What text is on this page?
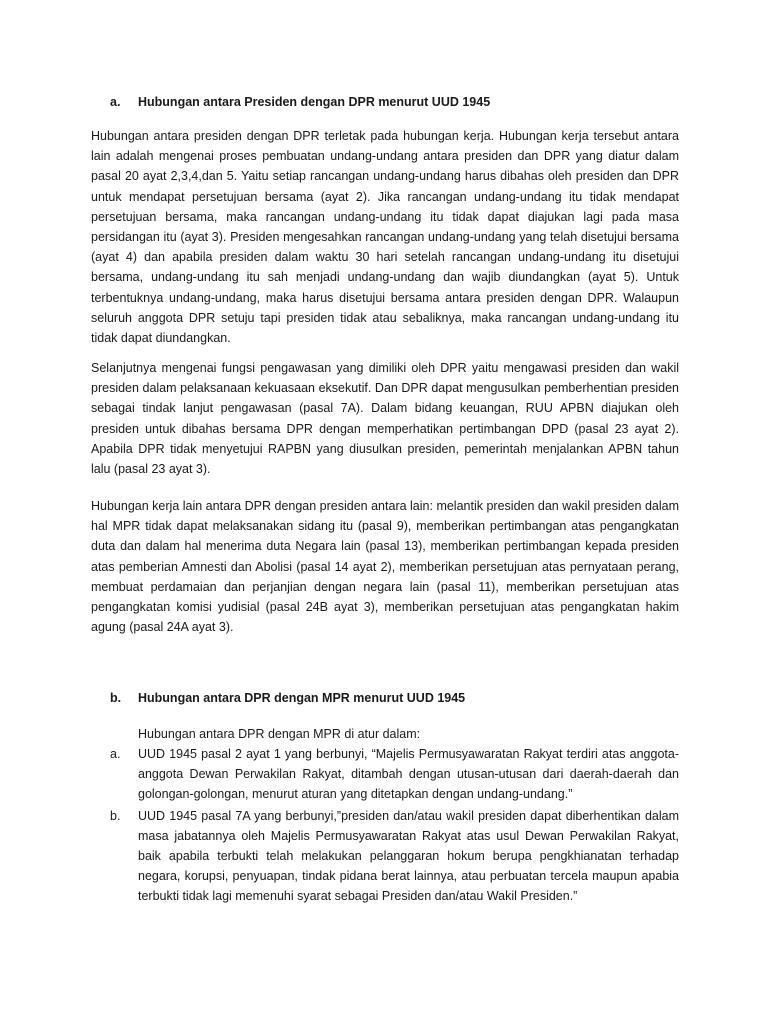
a. Hubungan antara Presiden dengan DPR menurut UUD 1945
Hubungan antara presiden dengan DPR terletak pada hubungan kerja. Hubungan kerja tersebut antara lain adalah mengenai proses pembuatan undang-undang antara presiden dan DPR yang diatur dalam pasal 20 ayat 2,3,4,dan 5. Yaitu setiap rancangan undang-undang harus dibahas oleh presiden dan DPR untuk mendapat persetujuan bersama (ayat 2). Jika rancangan undang-undang itu tidak mendapat persetujuan bersama, maka rancangan undang-undang itu tidak dapat diajukan lagi pada masa persidangan itu (ayat 3). Presiden mengesahkan rancangan undang-undang yang telah disetujui bersama (ayat 4) dan apabila presiden dalam waktu 30 hari setelah rancangan undang-undang itu disetujui bersama, undang-undang itu sah menjadi undang-undang dan wajib diundangkan (ayat 5). Untuk terbentuknya undang-undang, maka harus disetujui bersama antara presiden dengan DPR. Walaupun seluruh anggota DPR setuju tapi presiden tidak atau sebaliknya, maka rancangan undang-undang itu tidak dapat diundangkan.
Selanjutnya mengenai fungsi pengawasan yang dimiliki oleh DPR yaitu mengawasi presiden dan wakil presiden dalam pelaksanaan kekuasaan eksekutif. Dan DPR dapat mengusulkan pemberhentian presiden sebagai tindak lanjut pengawasan (pasal 7A). Dalam bidang keuangan, RUU APBN diajukan oleh presiden untuk dibahas bersama DPR dengan memperhatikan pertimbangan DPD (pasal 23 ayat 2). Apabila DPR tidak menyetujui RAPBN yang diusulkan presiden, pemerintah menjalankan APBN tahun lalu (pasal 23 ayat 3).
Hubungan kerja lain antara DPR dengan presiden antara lain: melantik presiden dan wakil presiden dalam hal MPR tidak dapat melaksanakan sidang itu (pasal 9), memberikan pertimbangan atas pengangkatan duta dan dalam hal menerima duta Negara lain (pasal 13), memberikan pertimbangan kepada presiden atas pemberian Amnesti dan Abolisi (pasal 14 ayat 2), memberikan persetujuan atas pernyataan perang, membuat perdamaian dan perjanjian dengan negara lain (pasal 11), memberikan persetujuan atas pengangkatan komisi yudisial (pasal 24B ayat 3), memberikan persetujuan atas pengangkatan hakim agung (pasal 24A ayat 3).
b. Hubungan antara DPR dengan MPR menurut UUD 1945
Hubungan antara DPR dengan MPR di atur dalam:
a.	UUD 1945 pasal 2 ayat 1 yang berbunyi, “Majelis Permusyawaratan Rakyat terdiri atas anggota-anggota Dewan Perwakilan Rakyat, ditambah dengan utusan-utusan dari daerah-daerah dan golongan-golongan, menurut aturan yang ditetapkan dengan undang-undang.”
b.	UUD 1945 pasal 7A yang berbunyi,”presiden dan/atau wakil presiden dapat diberhentikan dalam masa jabatannya oleh Majelis Permusyawaratan Rakyat atas usul Dewan Perwakilan Rakyat, baik apabila terbukti telah melakukan pelanggaran hokum berupa pengkhianatan terhadap negara, korupsi, penyuapan, tindak pidana berat lainnya, atau perbuatan tercela maupun apabia terbukti tidak lagi memenuhi syarat sebagai Presiden dan/atau Wakil Presiden.”
